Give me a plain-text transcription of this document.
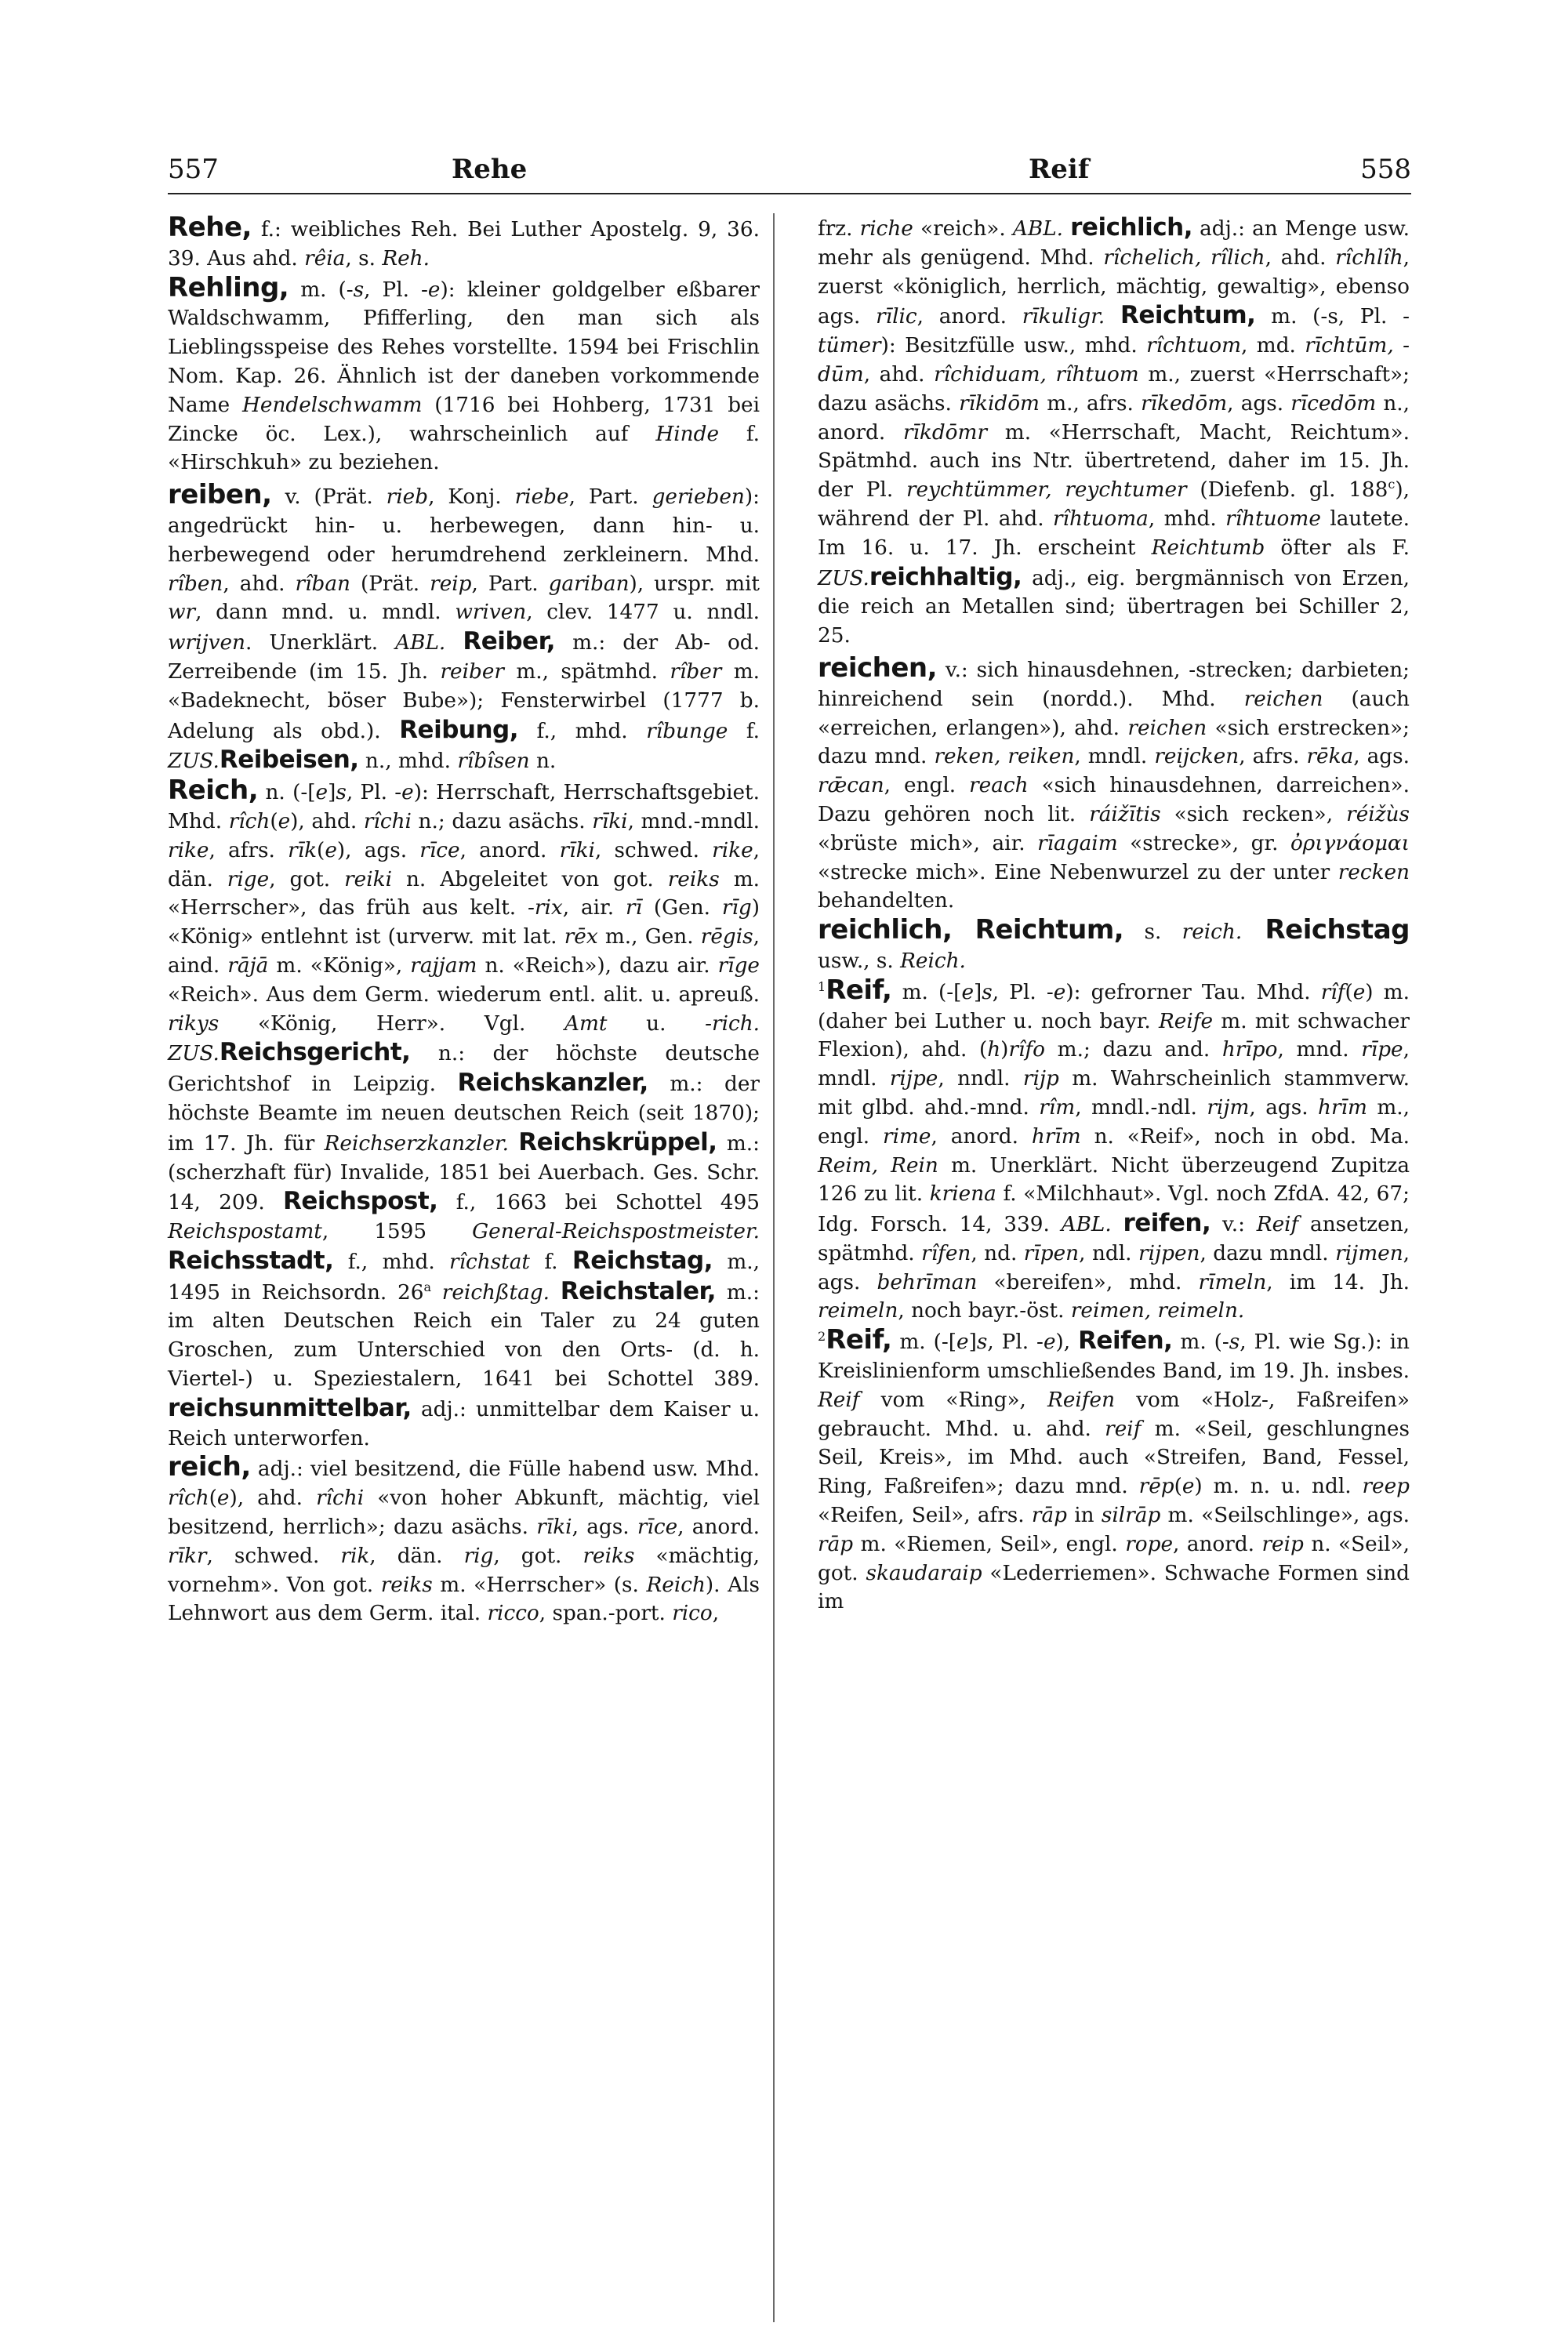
557	Rehe	Reif	558

Rehe, f.: weibliches Reh. Bei Luther Apostelg. 9, 36. 39. Aus ahd. rêia, s. Reh.

Rehling, m. (-s, Pl. -e): kleiner goldgelber eßbarer Waldschwamm, Pfifferling, den man sich als Lieblingsspeise des Rehes vorstellte. 1594 bei Frischlin Nom. Kap. 26. Ähnlich ist der daneben vorkommende Name Hendelschwamm (1716 bei Hohberg, 1731 bei Zincke öc. Lex.), wahrscheinlich auf Hinde f. «Hirschkuh» zu beziehen.

reiben, v. (Prät. rieb, Konj. riebe, Part. gerieben): angedrückt hin- u. herbewegen, dann hin- u. herbewegend oder herumdrehend zerkleinern. Mhd. rîben, ahd. rîban (Prät. reip, Part. gariban), urspr. mit wr, dann mnd. u. mndl. wriven, clev. 1477 u. nndl. wrijven. Unerklärt. ABL. Reiber, m.: der Ab- od. Zerreibende (im 15. Jh. reiber m., spätmhd. rîber m. «Badeknecht, böser Bube»); Fensterwirbel (1777 b. Adelung als obd.). Reibung, f., mhd. rîbunge f. ZUS.Reibeisen, n., mhd. rîbîsen n.

Reich, n. (-[e]s, Pl. -e): Herrschaft, Herrschaftsgebiet. Mhd. rîch(e), ahd. rîchi n.; dazu asächs. rīki, mnd.-mndl. rike, afrs. rīk(e), ags. rīce, anord. rīki, schwed. rike, dän. rige, got. reiki n. Abgeleitet von got. reiks m. «Herrscher», das früh aus kelt. -rix, air. rī (Gen. rīg) «König» entlehnt ist (urverw. mit lat. rēx m., Gen. rēgis, aind. rājā m. «König», rajjam n. «Reich»), dazu air. rīge «Reich». Aus dem Germ. wiederum entl. alit. u. apreuß. rikys «König, Herr». Vgl. Amt u. -rich. ZUS.Reichsgericht, n.: der höchste deutsche Gerichtshof in Leipzig. Reichskanzler, m.: der höchste Beamte im neuen deutschen Reich (seit 1870); im 17. Jh. für Reichserzkanzler. Reichskrüppel, m.: (scherzhaft für) Invalide, 1851 bei Auerbach. Ges. Schr. 14, 209. Reichspost, f., 1663 bei Schottel 495 Reichspostamt, 1595 General-Reichspostmeister. Reichsstadt, f., mhd. rîchstat f. Reichstag, m., 1495 in Reichsordn. 26$^a$ reichßtag. Reichstaler, m.: im alten Deutschen Reich ein Taler zu 24 guten Groschen, zum Unterschied von den Orts- (d. h. Viertel-) u. Speziestalern, 1641 bei Schottel 389. reichsunmittelbar, adj.: unmittelbar dem Kaiser u. Reich unterworfen.

reich, adj.: viel besitzend, die Fülle habend usw. Mhd. rîch(e), ahd. rîchi «von hoher Abkunft, mächtig, viel besitzend, herrlich»; dazu asächs. rīki, ags. rīce, anord. rīkr, schwed. rik, dän. rig, got. reiks «mächtig, vornehm». Von got. reiks m. «Herrscher» (s. Reich). Als Lehnwort aus dem Germ. ital. ricco, span.-port. rico,

frz. riche «reich». ABL. reichlich, adj.: an Menge usw. mehr als genügend. Mhd. rîchelich, rîlich, ahd. rîchlîh, zuerst «königlich, herrlich, mächtig, gewaltig», ebenso ags. rīlic, anord. rīkuligr. Reichtum, m. (-s, Pl. -tümer): Besitzfülle usw., mhd. rîchtuom, md. rīchtūm, -dūm, ahd. rîchiduam, rîhtuom m., zuerst «Herrschaft»; dazu asächs. rīkidōm m., afrs. rīkedōm, ags. rīcedōm n., anord. rīkdōmr m. «Herrschaft, Macht, Reichtum». Spätmhd. auch ins Ntr. übertretend, daher im 15. Jh. der Pl. reychtümmer, reychtumer (Diefenb. gl. 188$^c$), während der Pl. ahd. rîhtuoma, mhd. rîhtuome lautete. Im 16. u. 17. Jh. erscheint Reichtumb öfter als F. ZUS.reichhaltig, adj., eig. bergmännisch von Erzen, die reich an Metallen sind; übertragen bei Schiller 2, 25.

reichen, v.: sich hinausdehnen, -strecken; darbieten; hinreichend sein (nordd.). Mhd. reichen (auch «erreichen, erlangen»), ahd. reichen «sich erstrecken»; dazu mnd. reken, reiken, mndl. reijcken, afrs. rēka, ags. rǣcan, engl. reach «sich hinausdehnen, darreichen». Dazu gehören noch lit. ráižītis «sich recken», réižùs «brüste mich», air. rīagaim «strecke», gr. ὀριγνάομαι «strecke mich». Eine Nebenwurzel zu der unter recken behandelten.

reichlich, Reichtum, s. reich. Reichstag usw., s. Reich.

$^1$Reif, m. (-[e]s, Pl. -e): gefrorner Tau. Mhd. rîf(e) m. (daher bei Luther u. noch bayr. Reife m. mit schwacher Flexion), ahd. (h)rîfo m.; dazu and. hrīpo, mnd. rīpe, mndl. rijpe, nndl. rijp m. Wahrscheinlich stammverw. mit glbd. ahd.-mnd. rîm, mndl.-ndl. rijm, ags. hrīm m., engl. rime, anord. hrīm n. «Reif», noch in obd. Ma. Reim, Rein m. Unerklärt. Nicht überzeugend Zupitza 126 zu lit. kriena f. «Milchhaut». Vgl. noch ZfdA. 42, 67; Idg. Forsch. 14, 339. ABL. reifen, v.: Reif ansetzen, spätmhd. rîfen, nd. rīpen, ndl. rijpen, dazu mndl. rijmen, ags. behrīman «bereifen», mhd. rīmeln, im 14. Jh. reimeln, noch bayr.-öst. reimen, reimeln.

$^2$Reif, m. (-[e]s, Pl. -e), Reifen, m. (-s, Pl. wie Sg.): in Kreislinienform umschließendes Band, im 19. Jh. insbes. Reif vom «Ring», Reifen vom «Holz-, Faßreifen» gebraucht. Mhd. u. ahd. reif m. «Seil, geschlungnes Seil, Kreis», im Mhd. auch «Streifen, Band, Fessel, Ring, Faßreifen»; dazu mnd. rēp(e) m. n. u. ndl. reep «Reifen, Seil», afrs. rāp in silrāp m. «Seilschlinge», ags. rāp m. «Riemen, Seil», engl. rope, anord. reip n. «Seil», got. skaudaraip «Lederriemen». Schwache Formen sind im
